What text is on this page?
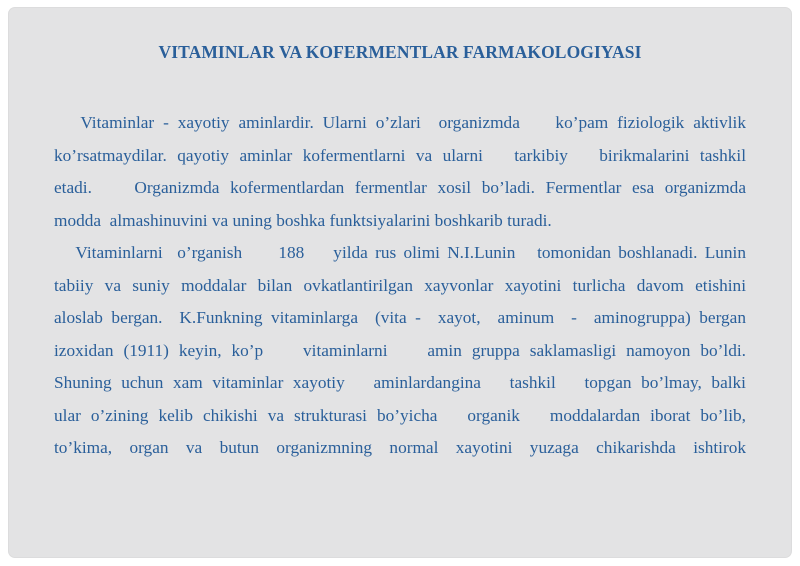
VITAMINLAR VA KOFERMENTLAR FARMAKOLOGIYASI
Vitaminlar - xayotiy aminlardir. Ularni o’zlari  organizmda    ko’pam fiziologik aktivlik
ko’rsatmaydilar. qayotiy aminlar kofermentlarni va ularni   tarkibiy   birikmalarini tashkil
etadi.    Organizmda kofermentlardan fermentlar xosil bo’ladi. Fermentlar esa organizmda
modda  almashinuvini va uning boshka funktsiyalarini boshkarib turadi.
Vitaminlarni  o’rganish     188    yilda rus olimi N.I.Lunin   tomonidan boshlanadi. Lunin
tabiiy va suniy moddalar bilan ovkatlantirilgan xayvonlar xayotini turlicha davom etishini
aloslab bergan.  K.Funkning vitaminlarga  (vita -  xayot,  aminum  -  aminogruppa) bergan
izoxidan (1911) keyin, ko’p    vitaminlarni    amin gruppa saklamasligi namoyon bo’ldi.
Shuning uchun xam vitaminlar xayotiy   aminlardangina   tashkil   topgan bo’lmay, balki
ular o’zining kelib chikishi va strukturasi bo’yicha   organik   moddalardan iborat bo’lib,
to’kima,  organ  va  butun  organizmning  normal  xayotini  yuzaga  chikarishda  ishtirok
